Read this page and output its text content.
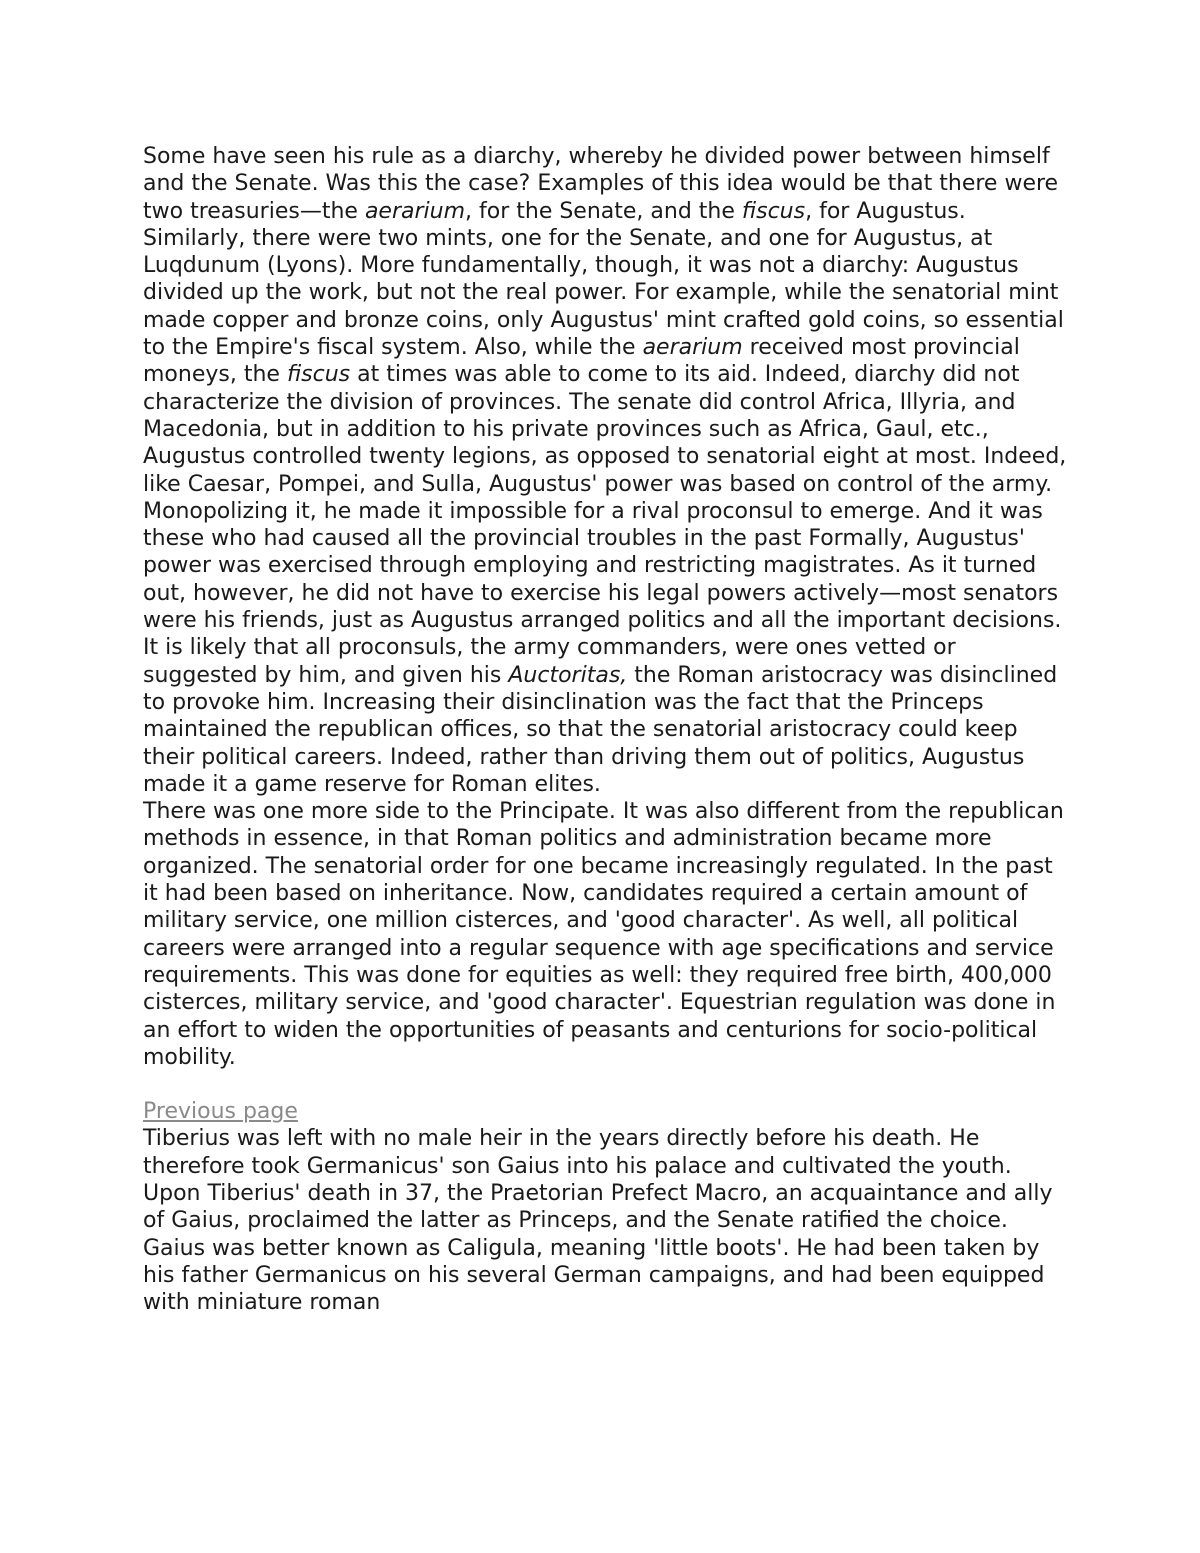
Some have seen his rule as a diarchy, whereby he divided power between himself and the Senate. Was this the case? Examples of this idea would be that there were two treasuries—the aerarium, for the Senate, and the fiscus, for Augustus. Similarly, there were two mints, one for the Senate, and one for Augustus, at Luqdunum (Lyons). More fundamentally, though, it was not a diarchy: Augustus divided up the work, but not the real power. For example, while the senatorial mint made copper and bronze coins, only Augustus' mint crafted gold coins, so essential to the Empire's fiscal system. Also, while the aerarium received most provincial moneys, the fiscus at times was able to come to its aid. Indeed, diarchy did not characterize the division of provinces. The senate did control Africa, Illyria, and Macedonia, but in addition to his private provinces such as Africa, Gaul, etc., Augustus controlled twenty legions, as opposed to senatorial eight at most. Indeed, like Caesar, Pompei, and Sulla, Augustus' power was based on control of the army. Monopolizing it, he made it impossible for a rival proconsul to emerge. And it was these who had caused all the provincial troubles in the past Formally, Augustus' power was exercised through employing and restricting magistrates. As it turned out, however, he did not have to exercise his legal powers actively—most senators were his friends, just as Augustus arranged politics and all the important decisions. It is likely that all proconsuls, the army commanders, were ones vetted or suggested by him, and given his Auctoritas, the Roman aristocracy was disinclined to provoke him. Increasing their disinclination was the fact that the Princeps maintained the republican offices, so that the senatorial aristocracy could keep their political careers. Indeed, rather than driving them out of politics, Augustus made it a game reserve for Roman elites.

There was one more side to the Principate. It was also different from the republican methods in essence, in that Roman politics and administration became more organized. The senatorial order for one became increasingly regulated. In the past it had been based on inheritance. Now, candidates required a certain amount of military service, one million cisterces, and 'good character'. As well, all political careers were arranged into a regular sequence with age specifications and service requirements. This was done for equities as well: they required free birth, 400,000 cisterces, military service, and 'good character'. Equestrian regulation was done in an effort to widen the opportunities of peasants and centurions for socio-political mobility.

Previous page

Tiberius was left with no male heir in the years directly before his death. He therefore took Germanicus' son Gaius into his palace and cultivated the youth. Upon Tiberius' death in 37, the Praetorian Prefect Macro, an acquaintance and ally of Gaius, proclaimed the latter as Princeps, and the Senate ratified the choice. Gaius was better known as Caligula, meaning 'little boots'. He had been taken by his father Germanicus on his several German campaigns, and had been equipped with miniature roman
